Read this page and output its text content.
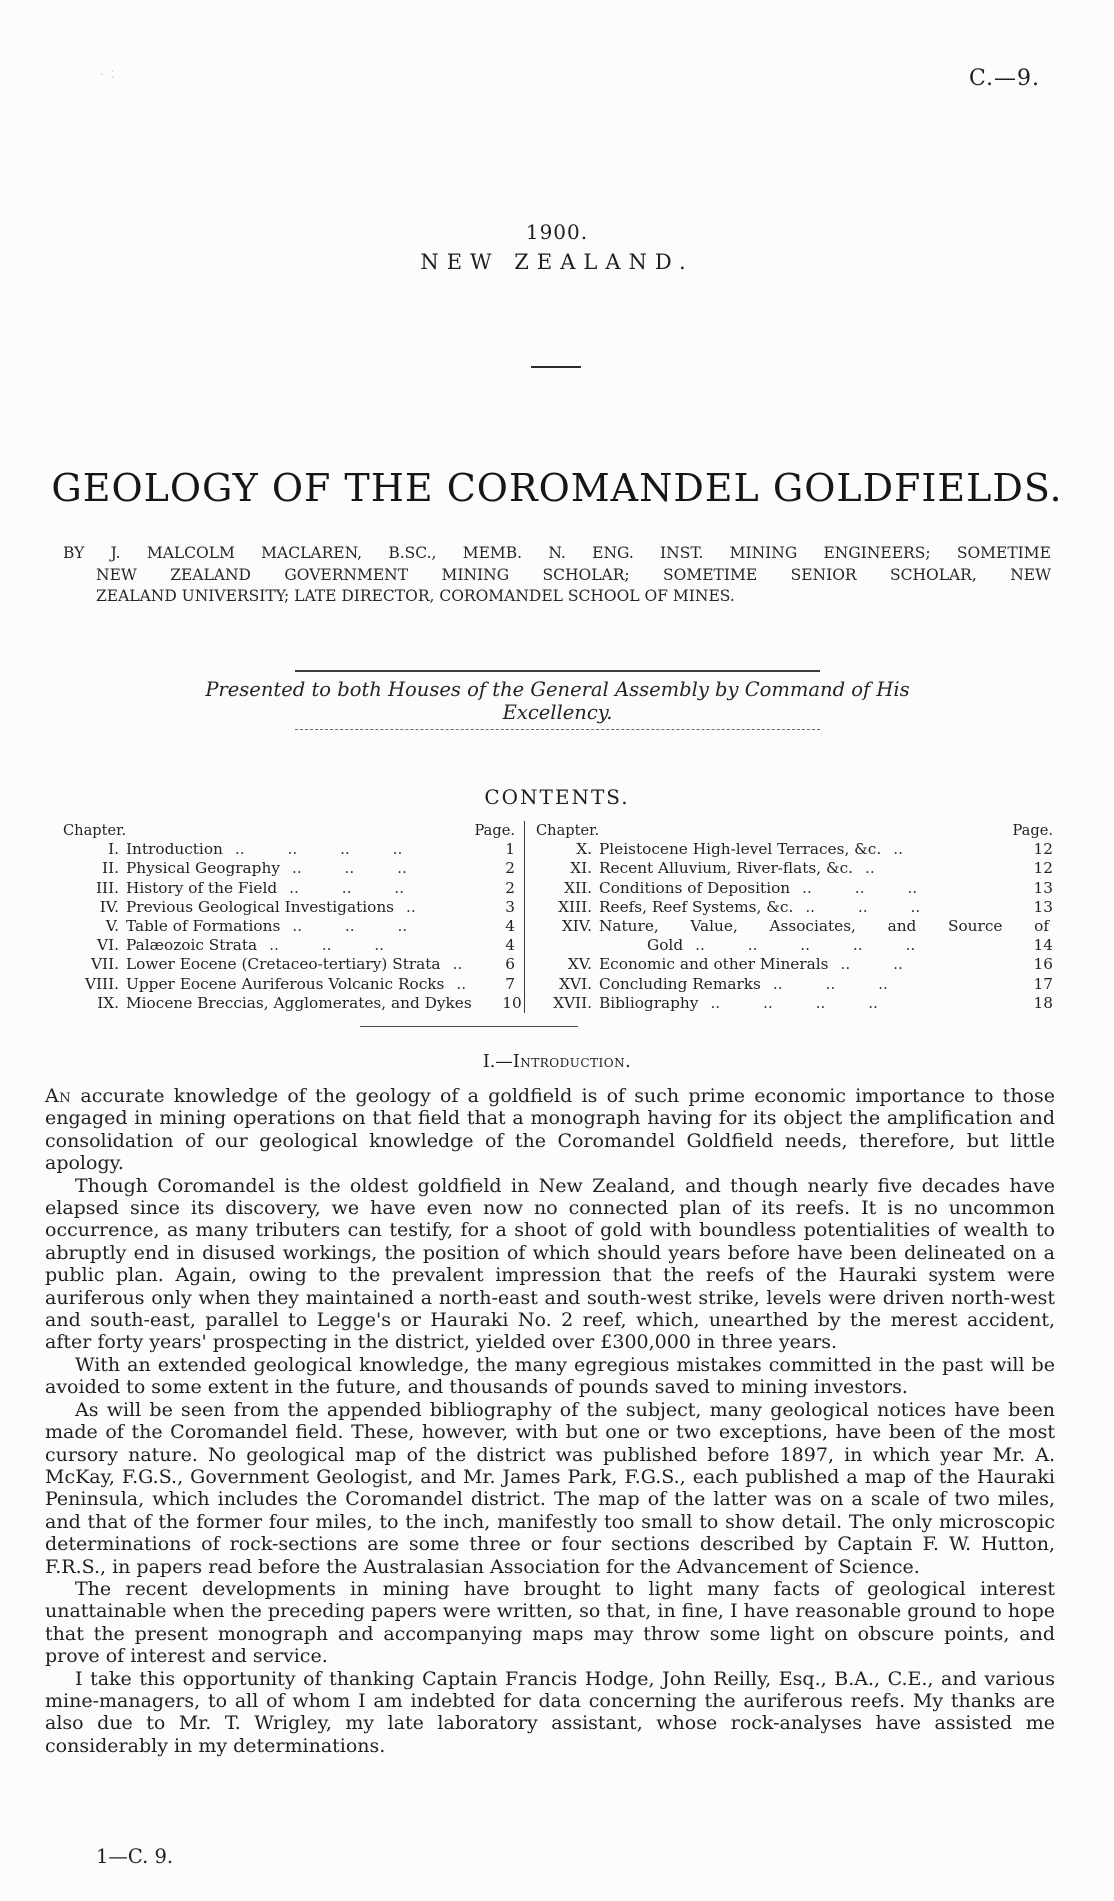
· ⁚	C.—9.
1900.
NEW ZEALAND.
GEOLOGY OF THE COROMANDEL GOLDFIELDS.
BY J. MALCOLM MACLAREN, B.SC., MEMB. N. ENG. INST. MINING ENGINEERS; SOMETIME
NEW ZEALAND GOVERNMENT MINING SCHOLAR; SOMETIME SENIOR SCHOLAR, NEW
ZEALAND UNIVERSITY; LATE DIRECTOR, COROMANDEL SCHOOL OF MINES.
Presented to both Houses of the General Assembly by Command of His Excellency.
CONTENTS.
Chapter.	Page.
I. Introduction .. .. .. ..	1
II. Physical Geography .. .. ..	2
III. History of the Field .. .. ..	2
IV. Previous Geological Investigations ..	3
V. Table of Formations .. .. ..	4
VI. Palæozoic Strata .. .. ..	4
VII. Lower Eocene (Cretaceo-tertiary) Strata ..	6
VIII. Upper Eocene Auriferous Volcanic Rocks ..	7
IX. Miocene Breccias, Agglomerates, and Dykes	10
Chapter.	Page.
X. Pleistocene High-level Terraces, &c. ..	12
XI. Recent Alluvium, River-flats, &c. ..	12
XII. Conditions of Deposition .. .. ..	13
XIII. Reefs, Reef Systems, &c. .. .. ..	13
XIV. Nature, Value, Associates, and Source of
Gold .. .. .. .. ..	14
XV. Economic and other Minerals .. ..	16
XVI. Concluding Remarks .. .. ..	17
XVII. Bibliography .. .. .. ..	18
I.—Introduction.

An accurate knowledge of the geology of a goldfield is of such prime economic importance to those engaged in mining operations on that field that a monograph having for its object the amplification and consolidation of our geological knowledge of the Coromandel Goldfield needs, therefore, but little apology.

Though Coromandel is the oldest goldfield in New Zealand, and though nearly five decades have elapsed since its discovery, we have even now no connected plan of its reefs. It is no uncommon occurrence, as many tributers can testify, for a shoot of gold with boundless potentialities of wealth to abruptly end in disused workings, the position of which should years before have been delineated on a public plan. Again, owing to the prevalent impression that the reefs of the Hauraki system were auriferous only when they maintained a north-east and south-west strike, levels were driven north-west and south-east, parallel to Legge's or Hauraki No. 2 reef, which, unearthed by the merest accident, after forty years' prospecting in the district, yielded over £300,000 in three years.

With an extended geological knowledge, the many egregious mistakes committed in the past will be avoided to some extent in the future, and thousands of pounds saved to mining investors.

As will be seen from the appended bibliography of the subject, many geological notices have been made of the Coromandel field. These, however, with but one or two exceptions, have been of the most cursory nature. No geological map of the district was published before 1897, in which year Mr. A. McKay, F.G.S., Government Geologist, and Mr. James Park, F.G.S., each published a map of the Hauraki Peninsula, which includes the Coromandel district. The map of the latter was on a scale of two miles, and that of the former four miles, to the inch, manifestly too small to show detail. The only microscopic determinations of rock-sections are some three or four sections described by Captain F. W. Hutton, F.R.S., in papers read before the Australasian Association for the Advancement of Science.

The recent developments in mining have brought to light many facts of geological interest unattainable when the preceding papers were written, so that, in fine, I have reasonable ground to hope that the present monograph and accompanying maps may throw some light on obscure points, and prove of interest and service.

I take this opportunity of thanking Captain Francis Hodge, John Reilly, Esq., B.A., C.E., and various mine-managers, to all of whom I am indebted for data concerning the auriferous reefs. My thanks are also due to Mr. T. Wrigley, my late laboratory assistant, whose rock-analyses have assisted me considerably in my determinations.

1—C. 9.
